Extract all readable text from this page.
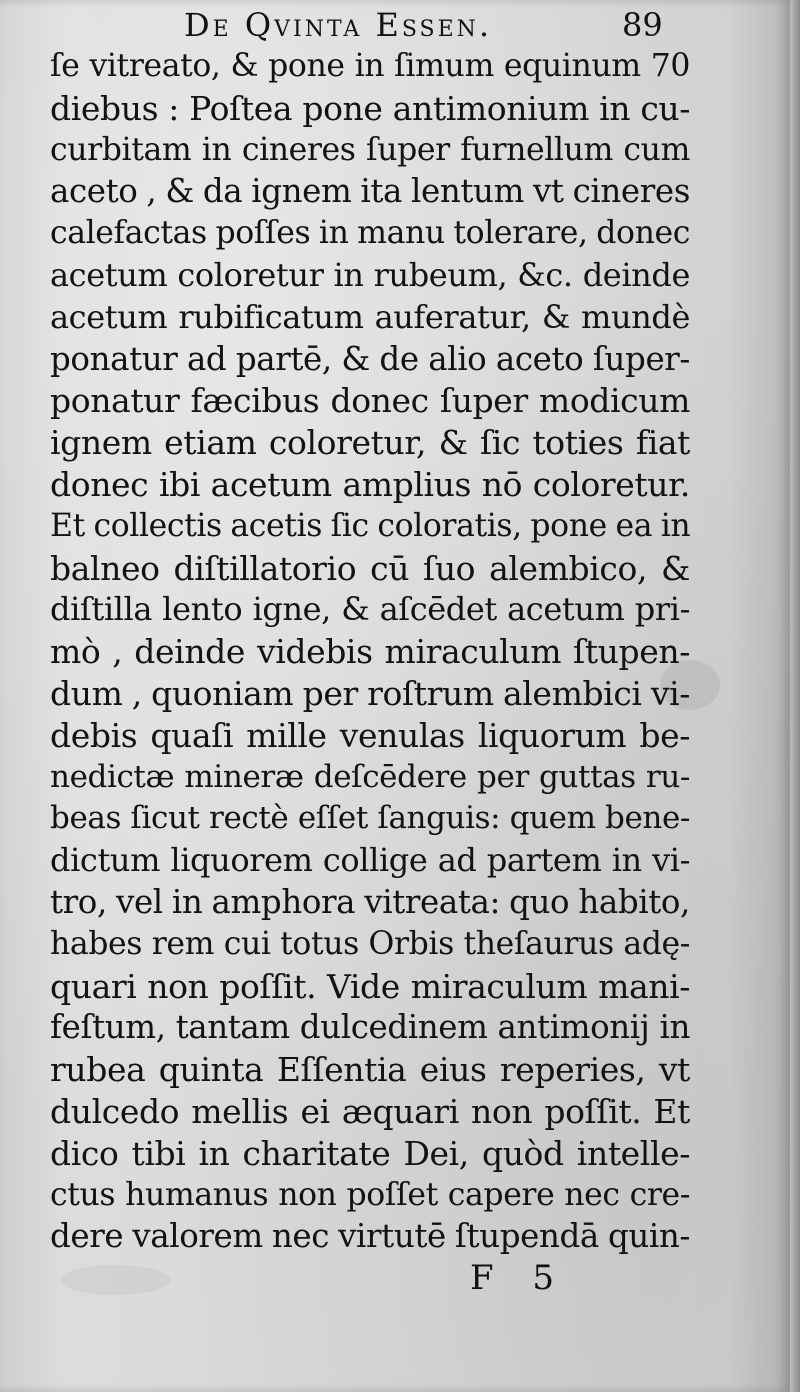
De Qvinta Essen.	89
ſe vitreato, & pone in ſimum equinum 70
diebus : Poſtea pone antimonium in cu-
curbitam in cineres ſuper furnellum cum
aceto , & da ignem ita lentum vt cineres
calefactas poſſes in manu tolerare, donec
acetum coloretur in rubeum, &c. deinde
acetum rubificatum auferatur, & mundè
ponatur ad partē, & de alio aceto ſuper-
ponatur fæcibus donec ſuper modicum
ignem etiam coloretur, & ſic toties fiat
donec ibi acetum amplius nō coloretur.
Et collectis acetis ſic coloratis, pone ea in
balneo diſtillatorio cū ſuo alembico, &
diſtilla lento igne, & aſcēdet acetum pri-
mò , deinde videbis miraculum ſtupen-
dum , quoniam per roſtrum alembici vi-
debis quaſi mille venulas liquorum be-
nedictæ mineræ deſcēdere per guttas ru-
beas ſicut rectè eſſet ſanguis: quem bene-
dictum liquorem collige ad partem in vi-
tro, vel in amphora vitreata: quo habito,
habes rem cui totus Orbis theſaurus adę-
quari non poſſit. Vide miraculum mani-
feſtum, tantam dulcedinem antimonij in
rubea quinta Eſſentia eius reperies, vt
dulcedo mellis ei æquari non poſſit. Et
dico tibi in charitate Dei, quòd intelle-
ctus humanus non poſſet capere nec cre-
dere valorem nec virtutē ſtupendā quin-
F 5
